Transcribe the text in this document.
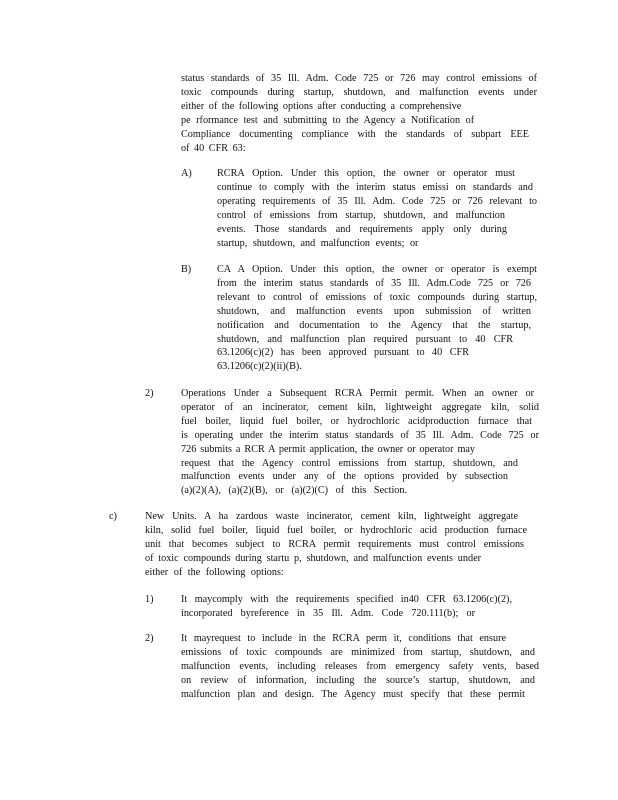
status standards of 35 Ill. Adm. Code 725 or 726 may control emissions of
toxic compounds during startup, shutdown, and malfunction events under
either of the following options after conducting a comprehensive
pe rformance test and submitting to the Agency a Notification of
Compliance documenting compliance with the standards of subpart EEE
of 40 CFR 63:
A) RCRA Option. Under this option, the owner or operator must
continue to comply with the interim status emissi on standards and
operating requirements of 35 Ill. Adm. Code 725 or 726 relevant to
control of emissions from startup, shutdown, and malfunction
events. Those standards and requirements apply only during
startup, shutdown, and malfunction events; or
B)	CA A Option. Under this option, the owner or operator is exempt
from the interim status standards of 35 Ill. Adm.Code 725 or 726
relevant to control of emissions of toxic compounds during startup,
shutdown, and malfunction events upon submission of written
notification and documentation to the Agency that the startup,
shutdown, and malfunction plan required pursuant to 40 CFR
63.1206(c)(2) has been approved pursuant to 40 CFR
63.1206(c)(2)(ii)(B).
2)	Operations Under a Subsequent RCRA Permit permit. When an owner or
operator of an incinerator, cement kiln, lightweight aggregate kiln, solid
fuel boiler, liquid fuel boiler, or hydrochloric acidproduction furnace that
is operating under the interim status standards of 35 Ill. Adm. Code 725 or
726 submits a RCR A permit application, the owner or operator may
request that the Agency control emissions from startup, shutdown, and
malfunction events under any of the options provided by subsection
(a)(2)(A), (a)(2)(B), or (a)(2)(C) of this Section.
c)	New Units. A ha zardous waste incinerator, cement kiln, lightweight aggregate
kiln, solid fuel boiler, liquid fuel boiler, or hydrochloric acid production furnace
unit that becomes subject to RCRA permit requirements must control emissions
of toxic compounds during startu p, shutdown, and malfunction events under
either of the following options:
1)	It maycomply with the requirements specified in40 CFR 63.1206(c)(2),
incorporated byreference in 35 Ill. Adm. Code 720.111(b); or
2)	It mayrequest to include in the RCRA perm it, conditions that ensure
emissions of toxic compounds are minimized from startup, shutdown, and
malfunction events, including releases from emergency safety vents, based
on review of information, including the source’s startup, shutdown, and
malfunction plan and design. The Agency must specify that these permit
